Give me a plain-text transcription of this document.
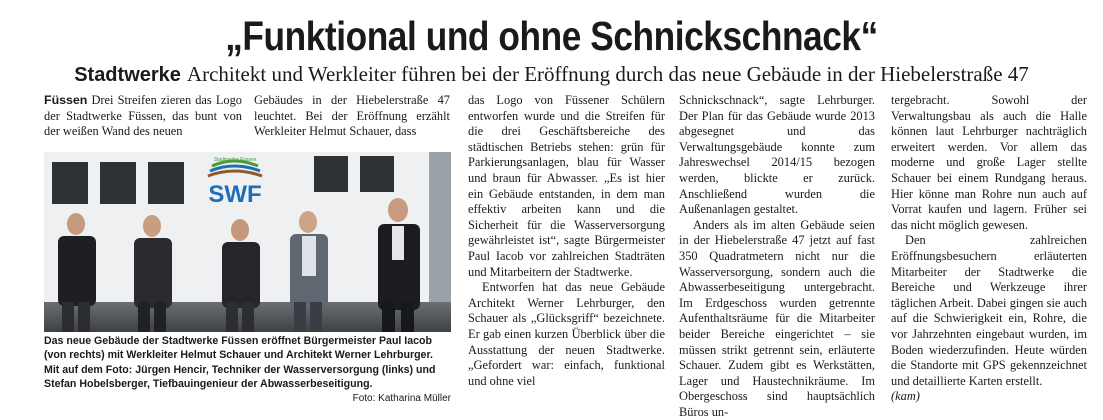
„Funktional und ohne Schnickschnack“
Stadtwerke Architekt und Werkleiter führen bei der Eröffnung durch das neue Gebäude in der Hiebelerstraße 47

Füssen Drei Streifen zieren das Logo der Stadtwerke Füssen, das bunt von der weißen Wand des neuen

Gebäudes in der Hiebelerstraße 47 leuchtet. Bei der Eröffnung erzählt Werkleiter Helmut Schauer, dass

SWF
Stadtwerke Füssen
Das neue Gebäude der Stadtwerke Füssen eröffnet Bürgermeister Paul Iacob (von rechts) mit Werkleiter Helmut Schauer und Architekt Werner Lehrburger. Mit auf dem Foto: Jürgen Hencir, Techniker der Wasserversorgung (links) und Stefan Hobelsberger, Tiefbauingenieur der Abwasserbeseitigung.
Foto: Katharina Müller

das Logo von Füssener Schülern entworfen wurde und die Streifen für die drei Geschäftsbereiche des städtischen Betriebs stehen: grün für Parkierungsanlagen, blau für Wasser und braun für Abwasser. „Es ist hier ein Gebäude entstanden, in dem man effektiv arbeiten kann und die Sicherheit für die Wasserversorgung gewährleistet ist“, sagte Bürgermeister Paul Iacob vor zahlreichen Stadträten und Mitarbeitern der Stadtwerke.

Entworfen hat das neue Gebäude Architekt Werner Lehrburger, den Schauer als „Glücksgriff“ bezeichnete. Er gab einen kurzen Überblick über die Ausstattung der neuen Stadtwerke. „Gefordert war: einfach, funktional und ohne viel

Schnickschnack“, sagte Lehrburger. Der Plan für das Gebäude wurde 2013 abgesegnet und das Verwaltungsgebäude konnte zum Jahreswechsel 2014/15 bezogen werden, blickte er zurück. Anschließend wurden die Außenanlagen gestaltet.

Anders als im alten Gebäude seien in der Hiebelerstraße 47 jetzt auf fast 350 Quadratmetern nicht nur die Wasserversorgung, sondern auch die Abwasserbeseitigung untergebracht. Im Erdgeschoss wurden getrennte Aufenthaltsräume für die Mitarbeiter beider Bereiche eingerichtet – sie müssen strikt getrennt sein, erläuterte Schauer. Zudem gibt es Werkstätten, Lager und Haustechnikräume. Im Obergeschoss sind hauptsächlich Büros un-

tergebracht. Sowohl der Verwaltungsbau als auch die Halle können laut Lehrburger nachträglich erweitert werden. Vor allem das moderne und große Lager stellte Schauer bei einem Rundgang heraus. Hier könne man Rohre nun auch auf Vorrat kaufen und lagern. Früher sei das nicht möglich gewesen.

Den zahlreichen Eröffnungsbesuchern erläuterten Mitarbeiter der Stadtwerke die Bereiche und Werkzeuge ihrer täglichen Arbeit. Dabei gingen sie auch auf die Schwierigkeit ein, Rohre, die vor Jahrzehnten eingebaut wurden, im Boden wiederzufinden. Heute würden die Standorte mit GPS gekennzeichnet und detaillierte Karten erstellt.

(kam)
